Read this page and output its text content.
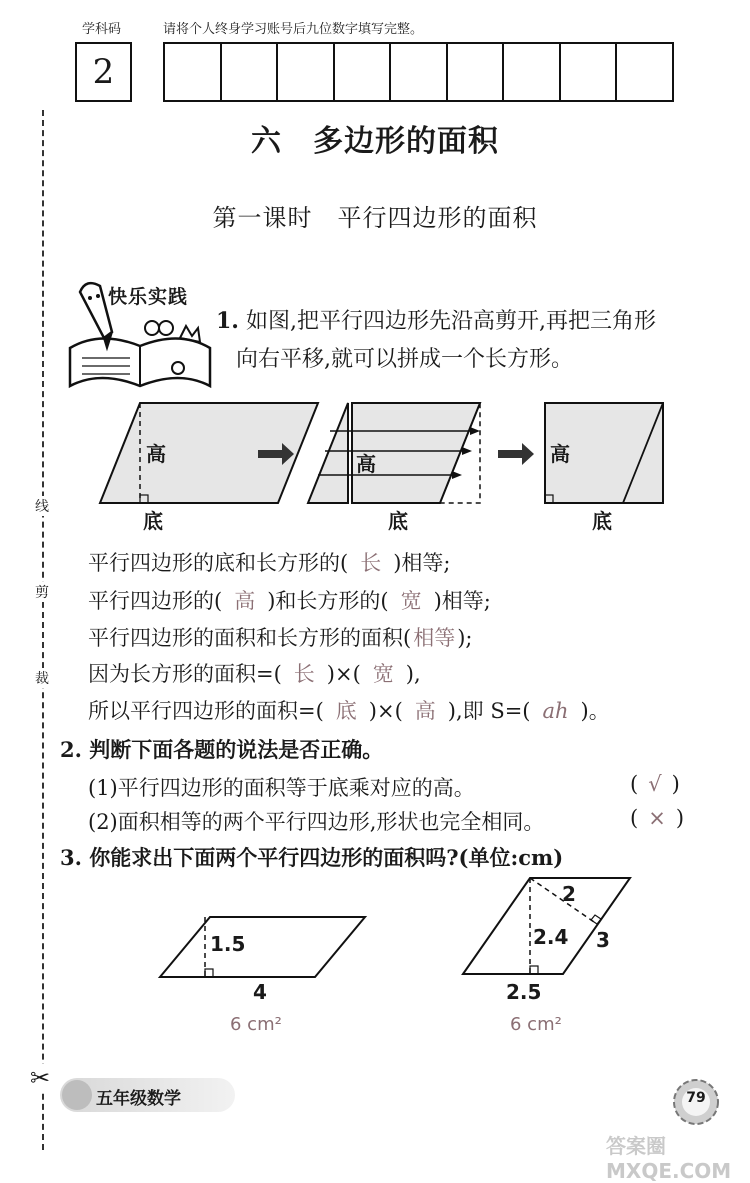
学科码	请将个人终身学习账号后九位数字填写完整。
2
线
剪
裁
✂
六　多边形的面积
第一课时　平行四边形的面积
快乐实践
1. 如图,把平行四边形先沿高剪开,再把三角形
向右平移,就可以拼成一个长方形。
高	高	高
底	底	底
平行四边形的底和长方形的( 长 )相等;
平行四边形的( 高 )和长方形的( 宽 )相等;
平行四边形的面积和长方形的面积(相等);
因为长方形的面积=( 长 )×( 宽 ),
所以平行四边形的面积=( 底 )×( 高 ),即 S=( ah )。
2. 判断下面各题的说法是否正确。
(1)平行四边形的面积等于底乘对应的高。	( √ )
(2)面积相等的两个平行四边形,形状也完全相同。	( × )
3. 你能求出下面两个平行四边形的面积吗?(单位:cm)
1.5
4
6 cm²
2
2.4 3
2.5
6 cm²
五年级数学	79
答案圈 MXQE.COM
